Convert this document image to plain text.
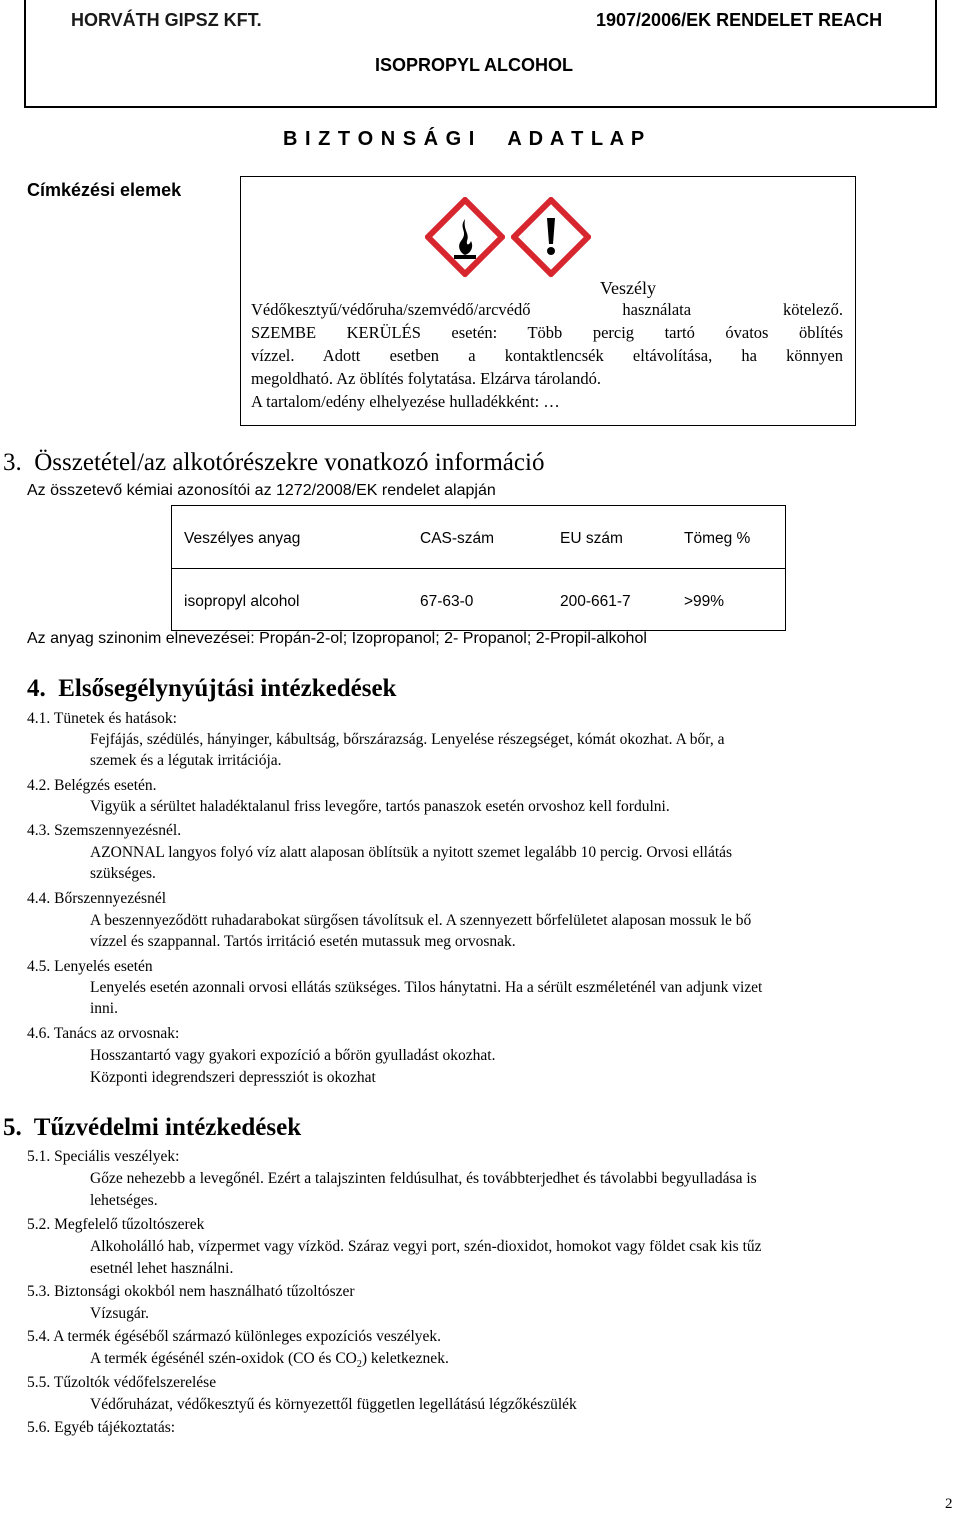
HORVÁTH GIPSZ KFT.	1907/2006/EK RENDELET REACH
ISOPROPYL ALCOHOL
B I Z T O N S Á G I     A D A T L A P
Címkézési elemek
Veszély
Védőkesztyű/védőruha/szemvédő/arcvédő használata kötelező.
SZEMBE KERÜLÉS esetén: Több percig tartó óvatos öblítés
vízzel. Adott esetben a kontaktlencsék eltávolítása, ha könnyen
megoldható. Az öblítés folytatása. Elzárva tárolandó.
A tartalom/edény elhelyezése hulladékként: …
3.  Összetétel/az alkotórészekre vonatkozó információ
Az összetevő kémiai azonosítói az 1272/2008/EK rendelet alapján
Veszélyes anyag	CAS-szám	EU szám	Tömeg %

isopropyl alcohol	67-63-0	200-661-7	>99%
Az anyag szinonim elnevezései: Propán-2-ol; Izopropanol; 2- Propanol; 2-Propil-alkohol
4.  Elsősegélynyújtási intézkedések
4.1. Tünetek és hatások:
Fejfájás, szédülés, hányinger, kábultság, bőrszárazság. Lenyelése részegséget, kómát okozhat. A bőr, a
szemek és a légutak irritációja.
4.2. Belégzés esetén.
Vigyük a sérültet haladéktalanul friss levegőre, tartós panaszok esetén orvoshoz kell fordulni.
4.3. Szemszennyezésnél.
AZONNAL langyos folyó víz alatt alaposan öblítsük a nyitott szemet legalább 10 percig. Orvosi ellátás
szükséges.
4.4. Bőrszennyezésnél
A beszennyeződött ruhadarabokat sürgősen távolítsuk el. A szennyezett bőrfelületet alaposan mossuk le bő
vízzel és szappannal. Tartós irritáció esetén mutassuk meg orvosnak.
4.5. Lenyelés esetén
Lenyelés esetén azonnali orvosi ellátás szükséges. Tilos hánytatni. Ha a sérült eszméleténél van adjunk vizet
inni.
4.6. Tanács az orvosnak:
Hosszantartó vagy gyakori expozíció a bőrön gyulladást okozhat.
Központi idegrendszeri depressziót is okozhat
5.  Tűzvédelmi intézkedések
5.1. Speciális veszélyek:
Gőze nehezebb a levegőnél. Ezért a talajszinten feldúsulhat, és továbbterjedhet és távolabbi begyulladása is
lehetséges.
5.2. Megfelelő tűzoltószerek
Alkoholálló hab, vízpermet vagy vízköd. Száraz vegyi port, szén-dioxidot, homokot vagy földet csak kis tűz
esetnél lehet használni.
5.3. Biztonsági okokból nem használható tűzoltószer
Vízsugár.
5.4. A termék égéséből származó különleges expozíciós veszélyek.
A termék égésénél szén-oxidok (CO és $CO_2$) keletkeznek.
5.5. Tűzoltók védőfelszerelése
Védőruházat, védőkesztyű és környezettől független legellátású légzőkészülék
5.6. Egyéb tájékoztatás:
2
